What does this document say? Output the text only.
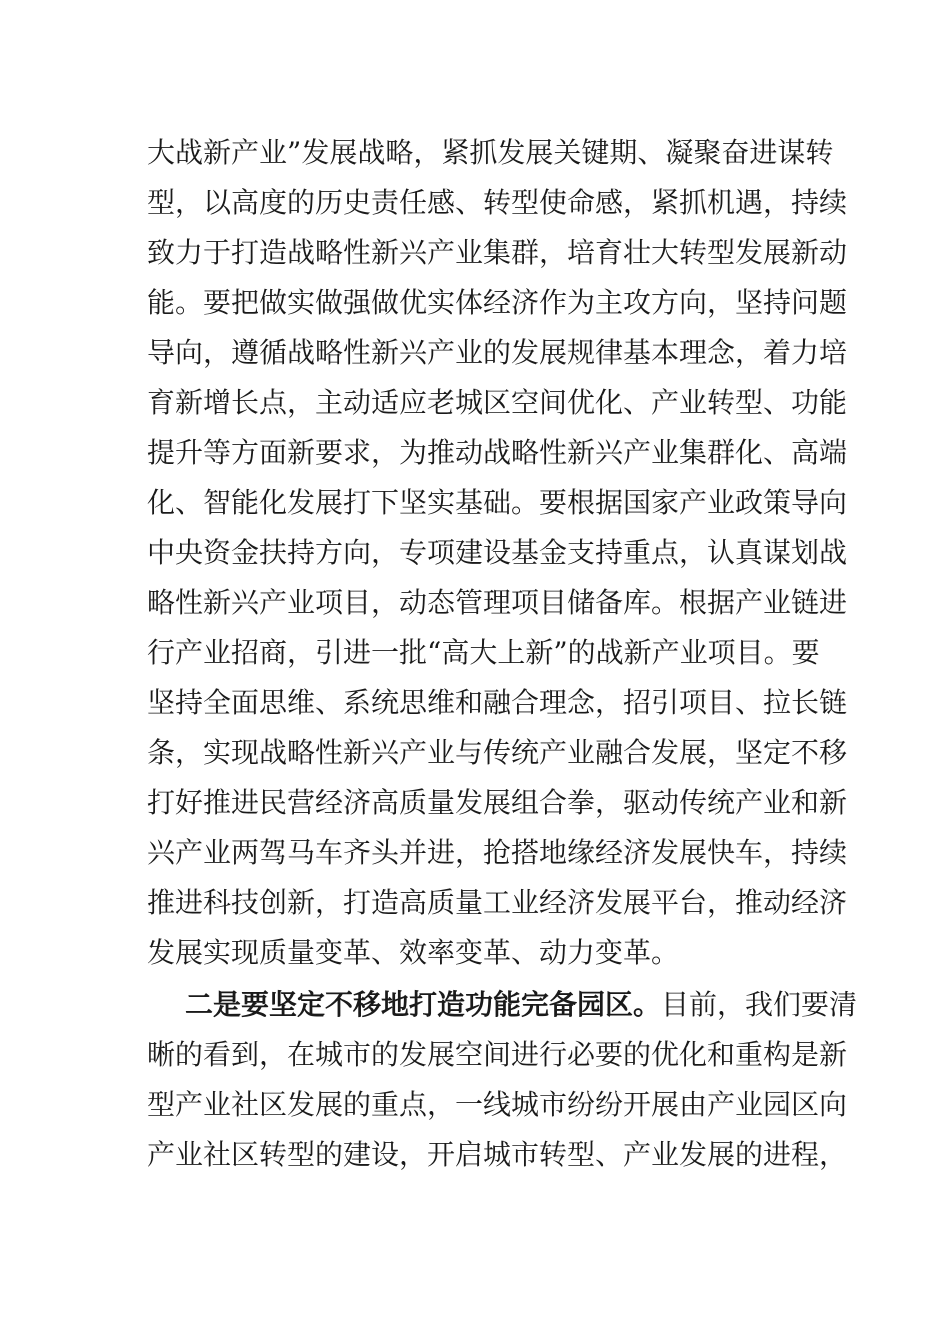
大战新产业”发展战略，紧抓发展关键期、凝聚奋进谋转
型，以高度的历史责任感、转型使命感，紧抓机遇，持续
致力于打造战略性新兴产业集群，培育壮大转型发展新动
能。要把做实做强做优实体经济作为主攻方向，坚持问题
导向，遵循战略性新兴产业的发展规律基本理念，着力培
育新增长点，主动适应老城区空间优化、产业转型、功能
提升等方面新要求，为推动战略性新兴产业集群化、高端
化、智能化发展打下坚实基础。要根据国家产业政策导向
中央资金扶持方向，专项建设基金支持重点，认真谋划战
略性新兴产业项目，动态管理项目储备库。根据产业链进
行产业招商，引进一批“高大上新”的战新产业项目。要
坚持全面思维、系统思维和融合理念，招引项目、拉长链
条，实现战略性新兴产业与传统产业融合发展，坚定不移
打好推进民营经济高质量发展组合拳，驱动传统产业和新
兴产业两驾马车齐头并进，抢搭地缘经济发展快车，持续
推进科技创新，打造高质量工业经济发展平台，推动经济
发展实现质量变革、效率变革、动力变革。
二是要坚定不移地打造功能完备园区。目前，我们要清
晰的看到，在城市的发展空间进行必要的优化和重构是新
型产业社区发展的重点，一线城市纷纷开展由产业园区向
产业社区转型的建设，开启城市转型、产业发展的进程，
